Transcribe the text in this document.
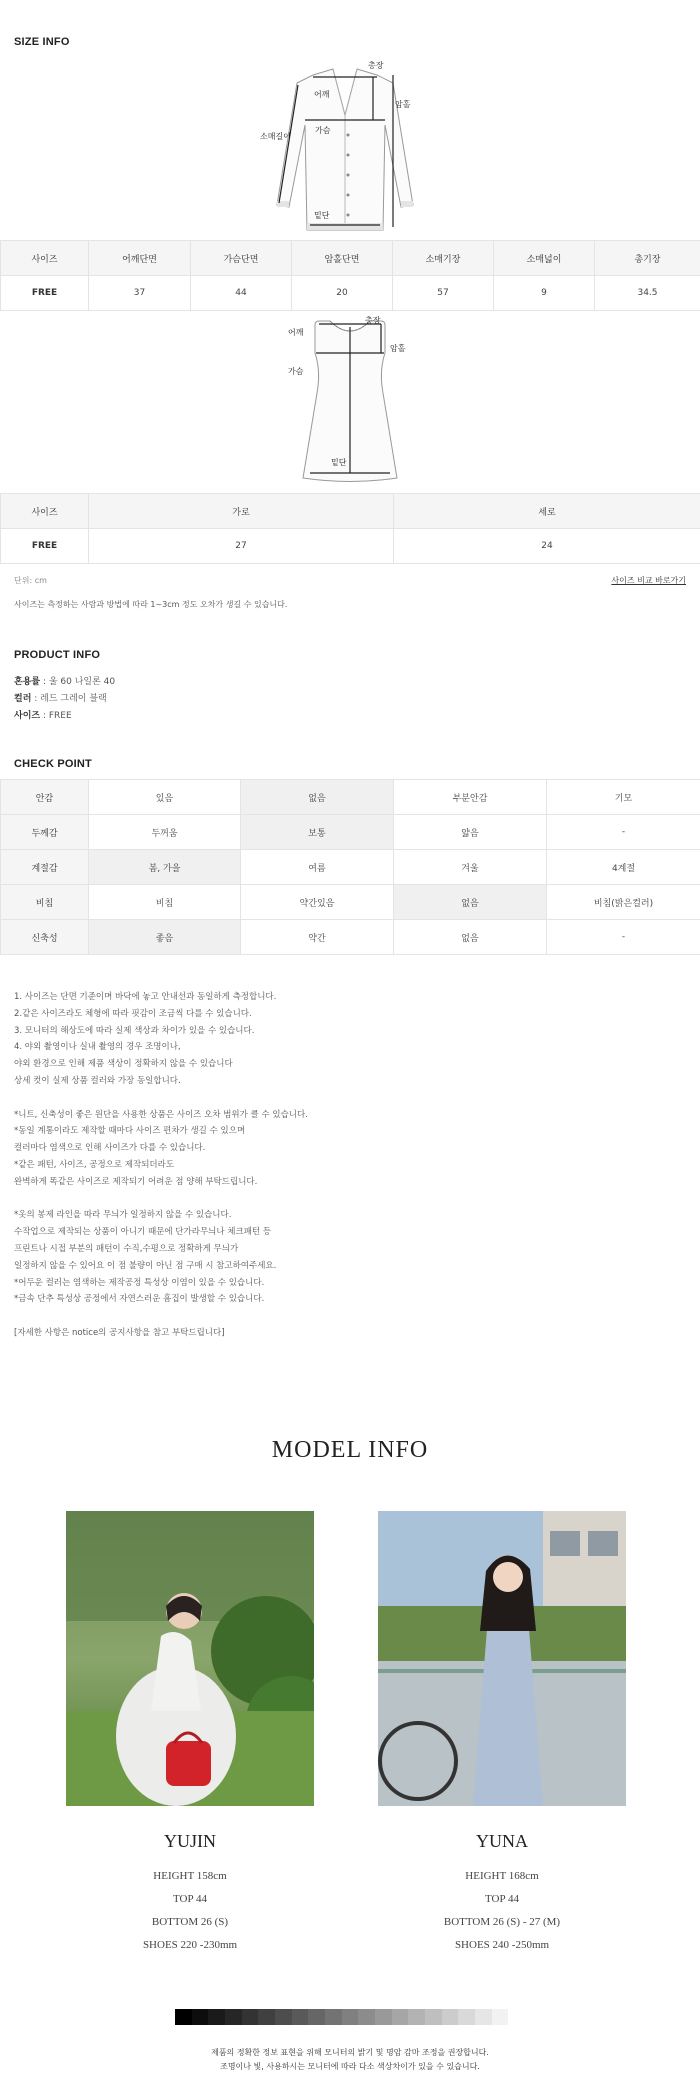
SIZE INFO
총장
어깨
암홀
가슴
소매길이
밑단
사이즈	어깨단면	가슴단면	암홀단면	소매기장	소매넓이	총기장
FREE	37	44	20	57	9	34.5
총장
어깨
암홀
가슴
밑단
사이즈	가로	세로
FREE	27	24
단위: cm	사이즈 비교 바로가기
사이즈는 측정하는 사람과 방법에 따라 1~3cm 정도 오차가 생길 수 있습니다.
PRODUCT INFO
혼용률 : 울 60 나일론 40
컬러 : 레드 그레이 블랙
사이즈 : FREE
CHECK POINT
안감	있음	없음	부분안감	기모
두께감	두꺼움	보통	얇음	-
계절감	봄, 가을	여름	겨울	4계절
비침	비침	약간있음	없음	비침(밝은컬러)
신축성	좋음	약간	없음	-
1. 사이즈는 단면 기준이며 바닥에 놓고 안내선과 동일하게 측정합니다.
2.같은 사이즈라도 체형에 따라 핏감이 조금씩 다를 수 있습니다.
3. 모니터의 해상도에 따라 실제 색상과 차이가 있을 수 있습니다.
4. 야외 촬영이나 실내 촬영의 경우 조명이나,
야외 환경으로 인해 제품 색상이 정확하지 않을 수 있습니다
상세 컷이 실제 상품 컬러와 가장 동일합니다.
*니트, 신축성이 좋은 원단을 사용한 상품은 사이즈 오차 범위가 클 수 있습니다.
*동일 계통이라도 제작할 때마다 사이즈 편차가 생길 수 있으며
컬러마다 염색으로 인해 사이즈가 다를 수 있습니다.
*같은 패턴, 사이즈, 공정으로 제작되더라도
완벽하게 똑같은 사이즈로 제작되기 어려운 점 양해 부탁드립니다.
*옷의 봉제 라인을 따라 무늬가 일정하지 않을 수 있습니다.
수작업으로 제작되는 상품이 아니기 때문에 단가라무늬나 체크패턴 등
프린트나 시접 부분의 패턴이 수직,수평으로 정확하게 무늬가
일정하지 않을 수 있어요 이 점 불량이 아닌 점 구매 시 참고하여주세요.
*어두운 컬러는 염색하는 제작공정 특성상 이염이 있을 수 있습니다.
*금속 단추 특성상 공정에서 자연스러운 흠집이 발생할 수 있습니다.
[자세한 사항은 notice의 공지사항을 참고 부탁드립니다]
MODEL INFO
YUJIN
HEIGHT 158cm
TOP 44
BOTTOM 26 (S)
SHOES 220 -230mm
YUNA
HEIGHT 168cm
TOP 44
BOTTOM 26 (S) - 27 (M)
SHOES 240 -250mm
제품의 정확한 정보 표현을 위해 모니터의 밝기 및 명암 감마 조정을 권장합니다.
조명이나 빛, 사용하시는 모니터에 따라 다소 색상차이가 있을 수 있습니다.
